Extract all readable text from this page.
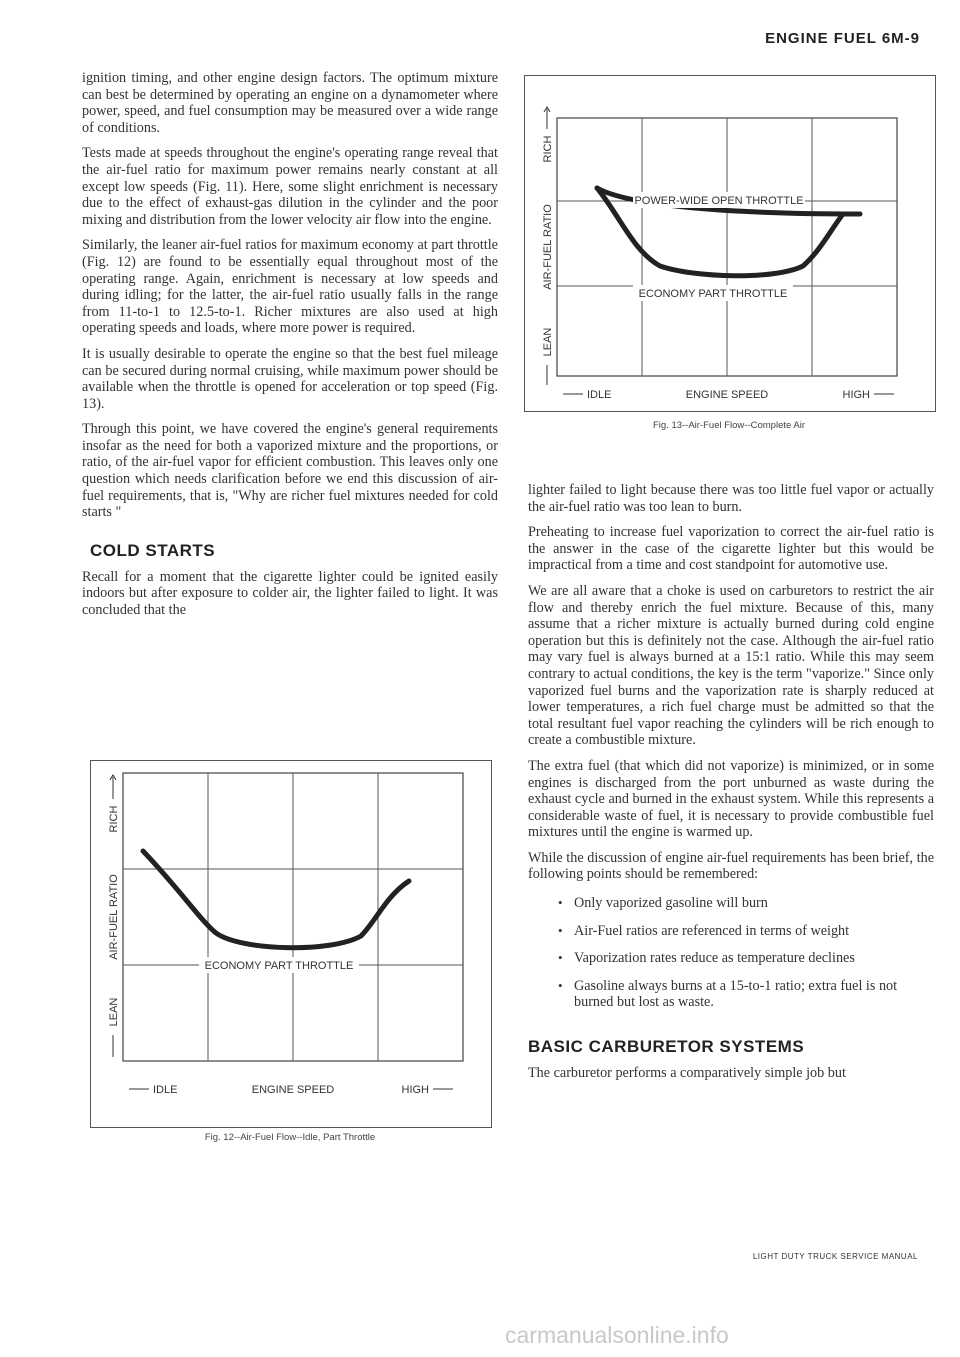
ENGINE FUEL 6M-9

ignition timing, and other engine design factors. The optimum mixture can best be determined by operating an engine on a dynamometer where power, speed, and fuel consumption may be measured over a wide range of conditions.

Tests made at speeds throughout the engine's operating range reveal that the air-fuel ratio for maximum power remains nearly constant at all except low speeds (Fig. 11). Here, some slight enrichment is necessary due to the effect of exhaust-gas dilution in the cylinder and the poor mixing and distribution from the lower velocity air flow into the engine.

Similarly, the leaner air-fuel ratios for maximum economy at part throttle (Fig. 12) are found to be essentially equal throughout most of the operating range. Again, enrichment is necessary at low speeds and during idling; for the latter, the air-fuel ratio usually falls in the range from 11-to-1 to 12.5-to-1. Richer mixtures are also used at high operating speeds and loads, where more power is required.

It is usually desirable to operate the engine so that the best fuel mileage can be secured during normal cruising, while maximum power should be available when the throttle is opened for acceleration or top speed (Fig. 13).

Through this point, we have covered the engine's general requirements insofar as the need for both a vaporized mixture and the proportions, or ratio, of the air-fuel vapor for efficient combustion. This leaves only one question which needs clarification before we end this discussion of air-fuel requirements, that is, "Why are richer fuel mixtures needed for cold starts "

COLD STARTS

Recall for a moment that the cigarette lighter could be ignited easily indoors but after exposure to colder air, the lighter failed to light. It was concluded that the

ECONOMY PART THROTTLE
LEAN
AIR-FUEL RATIO
RICH
IDLE	ENGINE SPEED	HIGH
Fig. 12--Air-Fuel Flow--Idle, Part Throttle
POWER-WIDE OPEN THROTTLE
ECONOMY PART THROTTLE
LEAN
AIR-FUEL RATIO
RICH
IDLE	ENGINE SPEED	HIGH
Fig. 13--Air-Fuel Flow--Complete Air

lighter failed to light because there was too little fuel vapor or actually the air-fuel ratio was too lean to burn.

Preheating to increase fuel vaporization to correct the air-fuel ratio is the answer in the case of the cigarette lighter but this would be impractical from a time and cost standpoint for automotive use.

We are all aware that a choke is used on carburetors to restrict the air flow and thereby enrich the fuel mixture. Because of this, many assume that a richer mixture is actually burned during cold engine operation but this is definitely not the case. Although the air-fuel ratio may vary fuel is always burned at a 15:1 ratio. While this may seem contrary to actual conditions, the key is the term "vaporize." Since only vaporized fuel burns and the vaporization rate is sharply reduced at lower temperatures, a rich fuel charge must be admitted so that the total resultant fuel vapor reaching the cylinders will be rich enough to create a combustible mixture.

The extra fuel (that which did not vaporize) is minimized, or in some engines is discharged from the port unburned as waste during the exhaust cycle and burned in the exhaust system. While this represents a considerable waste of fuel, it is necessary to provide combustible fuel mixtures until the engine is warmed up.

While the discussion of engine air-fuel requirements has been brief, the following points should be remembered:

• Only vaporized gasoline will burn
• Air-Fuel ratios are referenced in terms of weight
• Vaporization rates reduce as temperature declines
• Gasoline always burns at a 15-to-1 ratio; extra fuel is not burned but lost as waste.
BASIC CARBURETOR SYSTEMS

The carburetor performs a comparatively simple job but

LIGHT DUTY TRUCK SERVICE MANUAL
carmanualsonline.info
